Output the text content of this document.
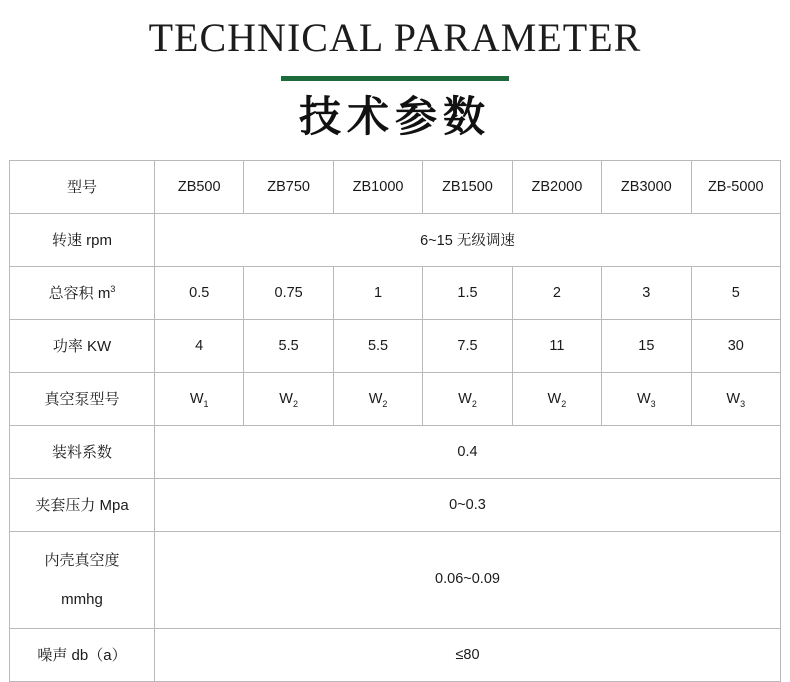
TECHNICAL PARAMETER
技术参数
型号	ZB500	ZB750	ZB1000	ZB1500	ZB2000	ZB3000	ZB-5000
转速 rpm	6~15 无级调速						
总容积 $m^3$	0.5	0.75	1	1.5	2	3	5
功率 KW	4	5.5	5.5	7.5	11	15	30
真空泵型号	$W_1$	$W_2$	$W_2$	$W_2$	$W_2$	$W_3$	$W_3$
装料系数	0.4						
夹套压力 Mpa	0~0.3						
内壳真空度
mmhg	0.06~0.09						
噪声 db（a）	≤80						
